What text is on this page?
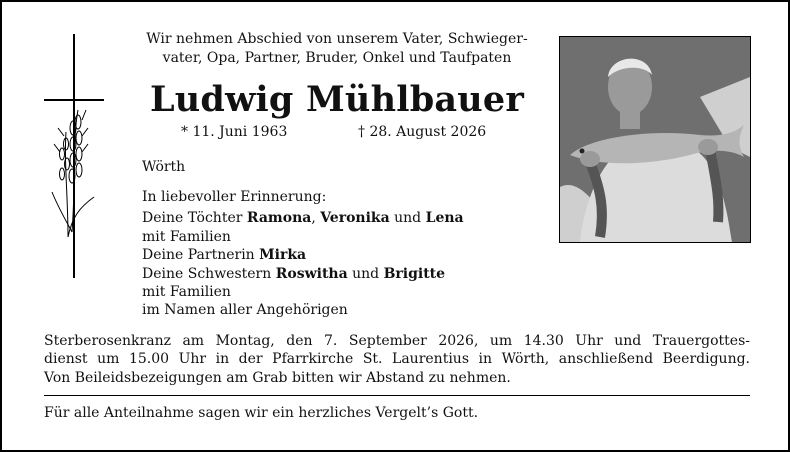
Wir nehmen Abschied von unserem Vater, Schwieger-
vater, Opa, Partner, Bruder, Onkel und Taufpaten
Ludwig Mühlbauer
* 11. Juni 1963	† 28. August 2026
Wörth
In liebevoller Erinnerung:
Deine Töchter Ramona, Veronika und Lena
mit Familien
Deine Partnerin Mirka
Deine Schwestern Roswitha und Brigitte
mit Familien
im Namen aller Angehörigen
Sterberosenkranz am Montag, den 7. September 2026, um 14.30 Uhr und Trauergottes-
dienst um 15.00 Uhr in der Pfarrkirche St. Laurentius in Wörth, anschließend Beerdigung.
Von Beileidsbezeigungen am Grab bitten wir Abstand zu nehmen.
Für alle Anteilnahme sagen wir ein herzliches Vergelt’s Gott.
